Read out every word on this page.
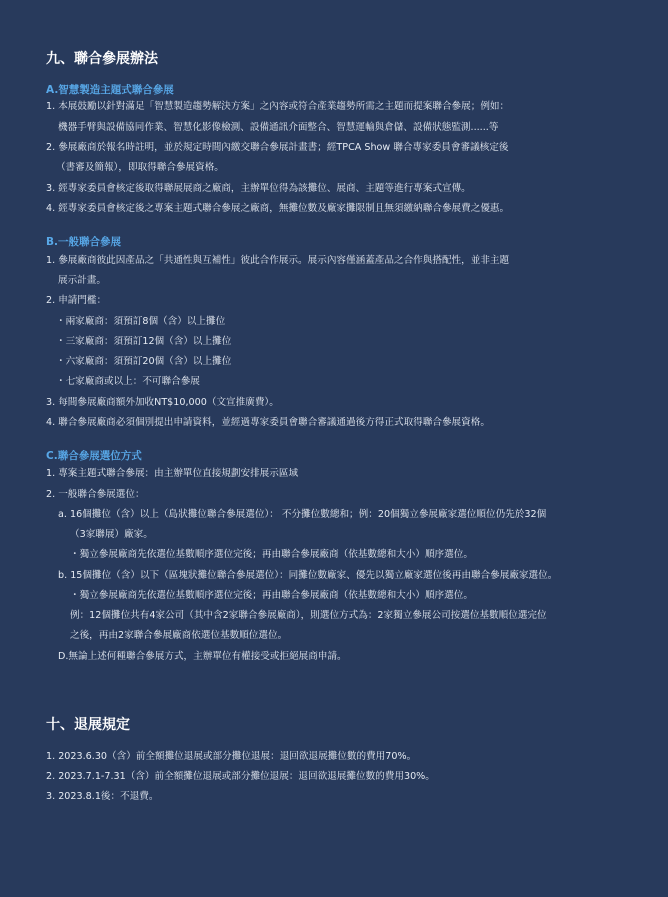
九、聯合參展辦法
A.智慧製造主題式聯合參展
1. 本展鼓勵以針對滿足「智慧製造趨勢解決方案」之內容或符合產業趨勢所需之主題而提案聯合參展；例如：
機器手臂與設備協同作業、智慧化影像檢測、設備通訊介面整合、智慧運輸與倉儲、設備狀態監測......等
2. 參展廠商於報名時註明，並於規定時間內繳交聯合參展計畫書；經TPCA Show 聯合專家委員會審議核定後
（書審及簡報），即取得聯合參展資格。
3. 經專家委員會核定後取得聯展展商之廠商，主辦單位得為該攤位、展商、主題等進行專案式宣傳。
4. 經專家委員會核定後之專案主題式聯合參展之廠商，無攤位數及廠家攤限制且無須繳納聯合參展費之優惠。
B.一般聯合參展
1. 參展廠商彼此因產品之「共通性與互補性」彼此合作展示。展示內容僅涵蓋產品之合作與搭配性，並非主題
展示計畫。
2. 申請門檻：
・兩家廠商：須預訂8個（含）以上攤位
・三家廠商：須預訂12個（含）以上攤位
・六家廠商：須預訂20個（含）以上攤位
・七家廠商或以上：不可聯合參展
3. 每間參展廠商額外加收NT$10,000（文宣推廣費）。
4. 聯合參展廠商必須個別提出申請資料，並經過專家委員會聯合審議通過後方得正式取得聯合參展資格。
C.聯合參展選位方式
1. 專案主題式聯合參展：由主辦單位直接規劃安排展示區域
2. 一般聯合參展選位：
a. 16個攤位（含）以上（島狀攤位聯合參展選位）： 不分攤位數總和；例：20個獨立參展廠家選位順位仍先於32個
（3家聯展）廠家。
・獨立參展廠商先依選位基數順序選位完後；再由聯合參展廠商（依基數總和大小）順序選位。
b. 15個攤位（含）以下（區塊狀攤位聯合參展選位）：同攤位數廠家、優先以獨立廠家選位後再由聯合參展廠家選位。
・獨立參展廠商先依選位基數順序選位完後；再由聯合參展廠商（依基數總和大小）順序選位。
例：12個攤位共有4家公司（其中含2家聯合參展廠商），則選位方式為：2家獨立參展公司按選位基數順位選完位
之後，再由2家聯合參展廠商依選位基數順位選位。
D.無論上述何種聯合參展方式，主辦單位有權接受或拒絕展商申請。
十、退展規定
1. 2023.6.30（含）前全額攤位退展或部分攤位退展：退回欲退展攤位數的費用70%。
2. 2023.7.1-7.31（含）前全額攤位退展或部分攤位退展：退回欲退展攤位數的費用30%。
3. 2023.8.1後：不退費。
